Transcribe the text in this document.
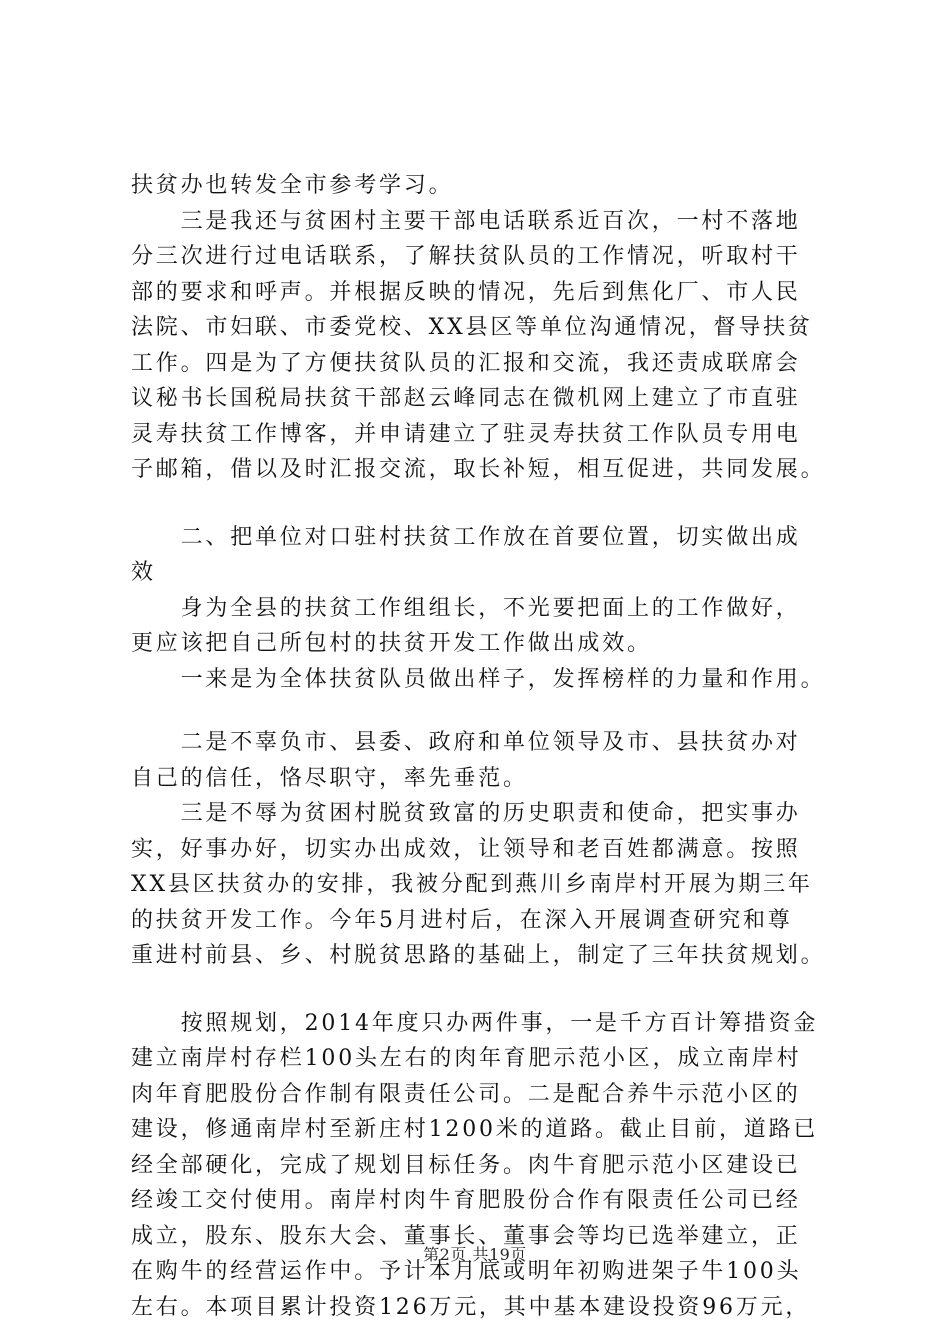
扶贫办也转发全市参考学习。
　　三是我还与贫困村主要干部电话联系近百次，一村不落地
分三次进行过电话联系，了解扶贫队员的工作情况，听取村干
部的要求和呼声。并根据反映的情况，先后到焦化厂、市人民
法院、市妇联、市委党校、XX县区等单位沟通情况，督导扶贫
工作。四是为了方便扶贫队员的汇报和交流，我还责成联席会
议秘书长国税局扶贫干部赵云峰同志在微机网上建立了市直驻
灵寿扶贫工作博客，并申请建立了驻灵寿扶贫工作队员专用电
子邮箱，借以及时汇报交流，取长补短，相互促进，共同发展。
　　二、把单位对口驻村扶贫工作放在首要位置，切实做出成
效
　　身为全县的扶贫工作组组长，不光要把面上的工作做好，
更应该把自己所包村的扶贫开发工作做出成效。
　　一来是为全体扶贫队员做出样子，发挥榜样的力量和作用。
　　二是不辜负市、县委、政府和单位领导及市、县扶贫办对
自己的信任，恪尽职守，率先垂范。
　　三是不辱为贫困村脱贫致富的历史职责和使命，把实事办
实，好事办好，切实办出成效，让领导和老百姓都满意。按照
XX县区扶贫办的安排，我被分配到燕川乡南岸村开展为期三年
的扶贫开发工作。今年5月进村后，在深入开展调查研究和尊
重进村前县、乡、村脱贫思路的基础上，制定了三年扶贫规划。
　　按照规划，2014年度只办两件事，一是千方百计筹措资金
建立南岸村存栏100头左右的肉年育肥示范小区，成立南岸村
肉年育肥股份合作制有限责任公司。二是配合养牛示范小区的
建设，修通南岸村至新庄村1200米的道路。截止目前，道路已
经全部硬化，完成了规划目标任务。肉牛育肥示范小区建设已
经竣工交付使用。南岸村肉牛育肥股份合作有限责任公司已经
成立，股东、股东大会、董事长、董事会等均已选举建立，正
在购牛的经营运作中。予计本月底或明年初购进架子牛100头
左右。本项目累计投资126万元，其中基本建设投资96万元，
第2页 共19页
